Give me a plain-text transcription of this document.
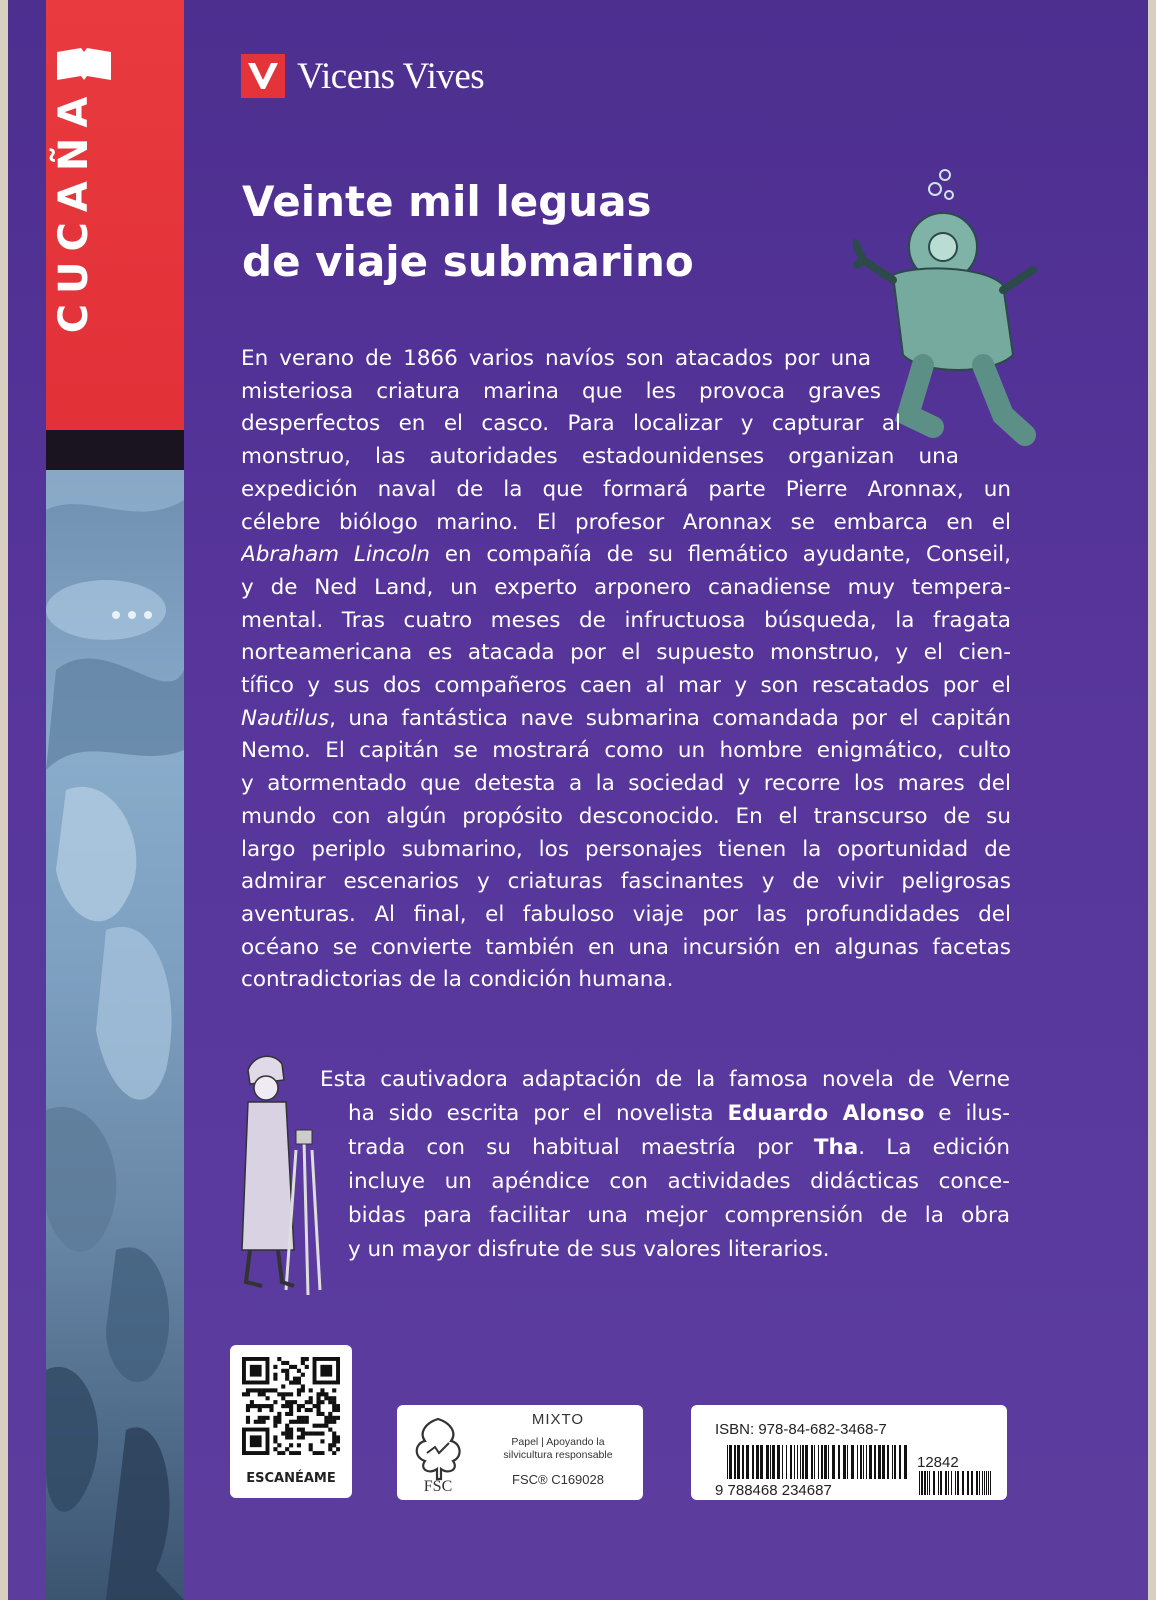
CUCAÑA
Vicens Vives
Veinte mil leguas
de viaje submarino
En verano de 1866 varios navíos son atacados por una
misteriosa criatura marina que les provoca graves
desperfectos en el casco. Para localizar y capturar al
monstruo, las autoridades estadounidenses organizan una
expedición naval de la que formará parte Pierre Aronnax, un
célebre biólogo marino. El profesor Aronnax se embarca en el
Abraham Lincoln en compañía de su flemático ayudante, Conseil,
y de Ned Land, un experto arponero canadiense muy tempera-
mental. Tras cuatro meses de infructuosa búsqueda, la fragata
norteamericana es atacada por el supuesto monstruo, y el cien-
tífico y sus dos compañeros caen al mar y son rescatados por el
Nautilus, una fantástica nave submarina comandada por el capitán
Nemo. El capitán se mostrará como un hombre enigmático, culto
y atormentado que detesta a la sociedad y recorre los mares del
mundo con algún propósito desconocido. En el transcurso de su
largo periplo submarino, los personajes tienen la oportunidad de
admirar escenarios y criaturas fascinantes y de vivir peligrosas
aventuras. Al final, el fabuloso viaje por las profundidades del
océano se convierte también en una incursión en algunas facetas
contradictorias de la condición humana.
Esta cautivadora adaptación de la famosa novela de Verne
ha sido escrita por el novelista Eduardo Alonso e ilus-
trada con su habitual maestría por Tha. La edición
incluye un apéndice con actividades didácticas conce-
bidas para facilitar una mejor comprensión de la obra
y un mayor disfrute de sus valores literarios.
ESCANÉAME	FSC
MIXTO
Papel | Apoyando la
silvicultura responsable
FSC® C169028
ISBN: 978-84-682-3468-7
9 788468 234687
12842
